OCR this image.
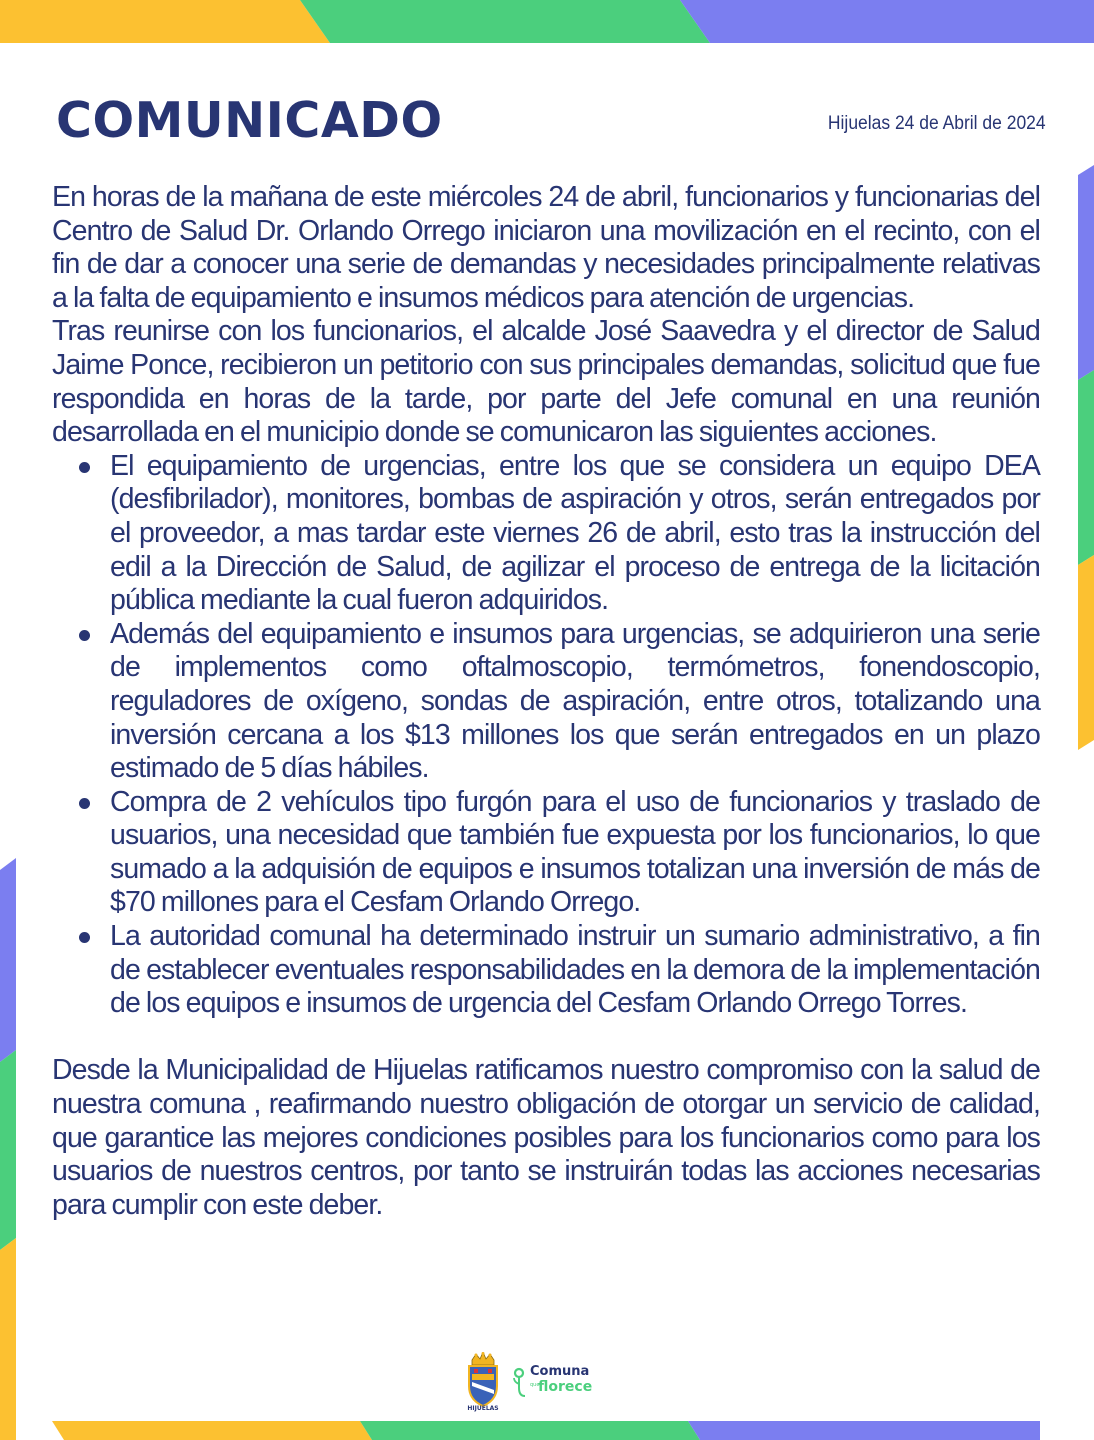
COMUNICADO	Hijuelas 24 de Abril de 2024

En horas de la mañana de este miércoles 24 de abril, funcionarios y funcionarias del Centro de Salud Dr. Orlando Orrego iniciaron una movilización en el recinto, con el fin de dar a conocer una serie de demandas y necesidades principalmente relativas a la falta de equipamiento e insumos médicos para atención de urgencias.

Tras reunirse con los funcionarios, el alcalde José Saavedra y el director de Salud Jaime Ponce, recibieron un petitorio con sus principales demandas, solicitud que fue respondida en horas de la tarde, por parte del Jefe comunal en una reunión desarrollada en el municipio donde se comunicaron las siguientes acciones.

El equipamiento de urgencias, entre los que se considera un equipo DEA (desfibrilador), monitores, bombas de aspiración y otros, serán entregados por el proveedor, a mas tardar este viernes 26 de abril, esto tras la instrucción del edil a la Dirección de Salud, de agilizar el proceso de entrega de la licitación pública mediante la cual fueron adquiridos.
Además del equipamiento e insumos para urgencias, se adquirieron una serie de implementos como oftalmoscopio, termómetros, fonendoscopio, reguladores de oxígeno, sondas de aspiración, entre otros, totalizando una inversión cercana a los $13 millones los que serán entregados en un plazo estimado de 5 días hábiles.
Compra de 2 vehículos tipo furgón para el uso de funcionarios y traslado de usuarios, una necesidad que también fue expuesta por los funcionarios, lo que sumado a la adquisión de equipos e insumos totalizan una inversión de más de $70 millones para el Cesfam Orlando Orrego.
La autoridad comunal ha determinado instruir un sumario administrativo, a fin de establecer eventuales responsabilidades en la demora de la implementación de los equipos e insumos de urgencia del Cesfam Orlando Orrego Torres.

Desde la Municipalidad de Hijuelas ratificamos nuestro compromiso con la salud de nuestra comuna , reafirmando nuestro obligación de otorgar un servicio de calidad, que garantice las mejores condiciones posibles para los funcionarios como para los usuarios de nuestros centros, por tanto se instruirán todas las acciones necesarias para cumplir con este deber.

HIJUELAS
Comuna
que
florece
